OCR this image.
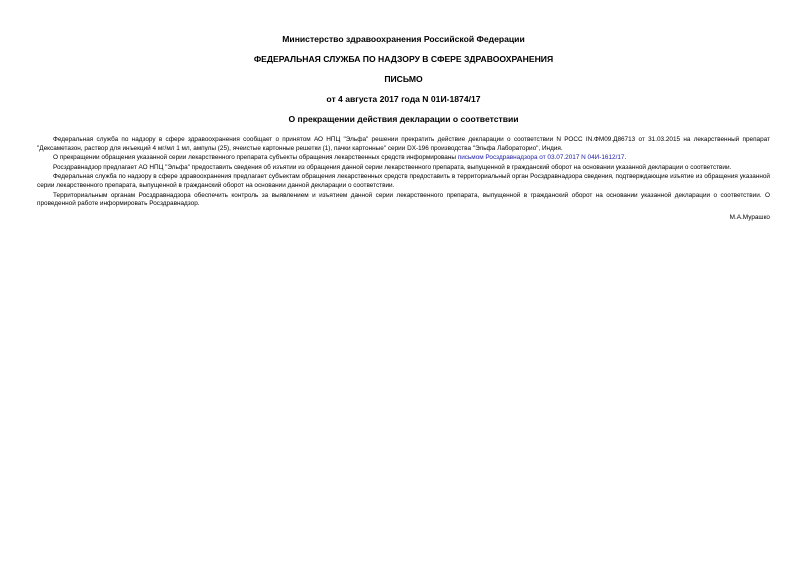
Министерство здравоохранения Российской Федерации
ФЕДЕРАЛЬНАЯ СЛУЖБА ПО НАДЗОРУ В СФЕРЕ ЗДРАВООХРАНЕНИЯ
ПИСЬМО
от 4 августа 2017 года N 01И-1874/17
О прекращении действия декларации о соответствии

Федеральная служба по надзору в сфере здравоохранения сообщает о принятом АО НПЦ "Эльфа" решении прекратить действие декларации о соответствии N РОСС IN.ФМ09.Д86713 от 31.03.2015 на лекарственный препарат "Дексаметазон, раствор для инъекций 4 мг/мл 1 мл, ампулы (25), ячеистые картонные решетки (1), пачки картонные" серии DX-196 производства "Эльфа Лабораторио", Индия.

О прекращении обращения указанной серии лекарственного препарата субъекты обращения лекарственных средств информированы письмом Росздравнадзора от 03.07.2017 N 04И-1612/17.

Росздравнадзор предлагает АО НПЦ "Эльфа" предоставить сведения об изъятии из обращения данной серии лекарственного препарата, выпущенной в гражданский оборот на основании указанной декларации о соответствии.

Федеральная служба по надзору в сфере здравоохранения предлагает субъектам обращения лекарственных средств предоставить в территориальный орган Росздравнадзора сведения, подтверждающие изъятие из обращения указанной серии лекарственного препарата, выпущенной в гражданский оборот на основании данной декларации о соответствии.

Территориальным органам Росздравнадзора обеспечить контроль за выявлением и изъятием данной серии лекарственного препарата, выпущенной в гражданский оборот на основании указанной декларации о соответствии. О проведенной работе информировать Росздравнадзор.

М.А.Мурашко
